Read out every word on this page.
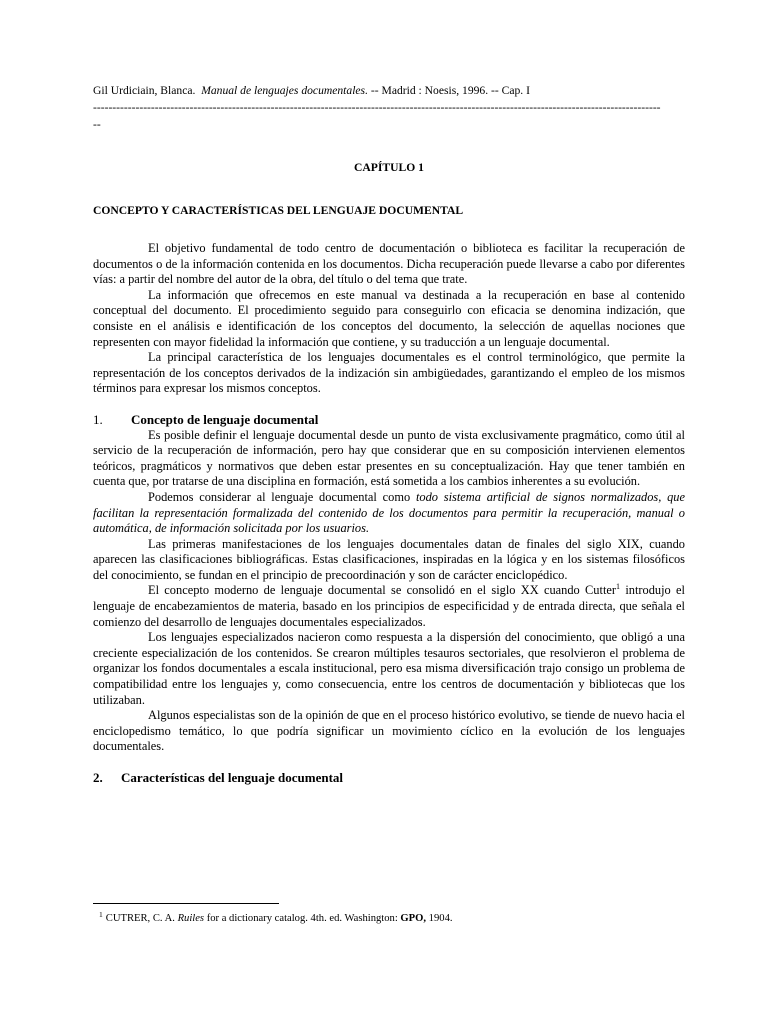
Gil Urdiciain, Blanca. Manual de lenguajes documentales. -- Madrid : Noesis, 1996. -- Cap. I
---------------------------------------------------------------------------------------------------------------------------------------------------
--
CAPÍTULO 1
CONCEPTO Y CARACTERÍSTICAS DEL LENGUAJE DOCUMENTAL

El objetivo fundamental de todo centro de documentación o biblioteca es facilitar la recuperación de documentos o de la información contenida en los documentos. Dicha recuperación puede llevarse a cabo por diferentes vías: a partir del nombre del autor de la obra, del título o del tema que trate.

La información que ofrecemos en este manual va destinada a la recuperación en base al contenido conceptual del documento. El procedimiento seguido para conseguirlo con eficacia se denomina indización, que consiste en el análisis e identificación de los conceptos del documento, la selección de aquellas nociones que representen con mayor fidelidad la información que contiene, y su traducción a un lenguaje documental.

La principal característica de los lenguajes documentales es el control terminológico, que permite la representación de los conceptos derivados de la indización sin ambigüedades, garantizando el empleo de los mismos términos para expresar los mismos conceptos.

1.	Concepto de lenguaje documental

Es posible definir el lenguaje documental desde un punto de vista exclusivamente pragmático, como útil al servicio de la recuperación de información, pero hay que considerar que en su composición intervienen elementos teóricos, pragmáticos y normativos que deben estar presentes en su conceptualización. Hay que tener también en cuenta que, por tratarse de una disciplina en formación, está sometida a los cambios inherentes a su evolución.

Podemos considerar al lenguaje documental como todo sistema artificial de signos normalizados, que facilitan la representación formalizada del contenido de los documentos para permitir la recuperación, manual o automática, de información solicitada por los usuarios.

Las primeras manifestaciones de los lenguajes documentales datan de finales del siglo XIX, cuando aparecen las clasificaciones bibliográficas. Estas clasificaciones, inspiradas en la lógica y en los sistemas filosóficos del conocimiento, se fundan en el principio de precoordinación y son de carácter enciclopédico.

El concepto moderno de lenguaje documental se consolidó en el siglo XX cuando Cutter$^1$ introdujo el lenguaje de encabezamientos de materia, basado en los principios de especificidad y de entrada directa, que señala el comienzo del desarrollo de lenguajes documentales especializados.

Los lenguajes especializados nacieron como respuesta a la dispersión del conocimiento, que obligó a una creciente especialización de los contenidos. Se crearon múltiples tesauros sectoriales, que resolvieron el problema de organizar los fondos documentales a escala institucional, pero esa misma diversificación trajo consigo un problema de compatibilidad entre los lenguajes y, como consecuencia, entre los centros de documentación y bibliotecas que los utilizaban.

Algunos especialistas son de la opinión de que en el proceso histórico evolutivo, se tiende de nuevo hacia el enciclopedismo temático, lo que podría significar un movimiento cíclico en la evolución de los lenguajes documentales.

2.	Características del lenguaje documental
$^1$ CUTRER, C. A. Ruiles for a dictionary catalog. 4th. ed. Washington: GPO, 1904.
